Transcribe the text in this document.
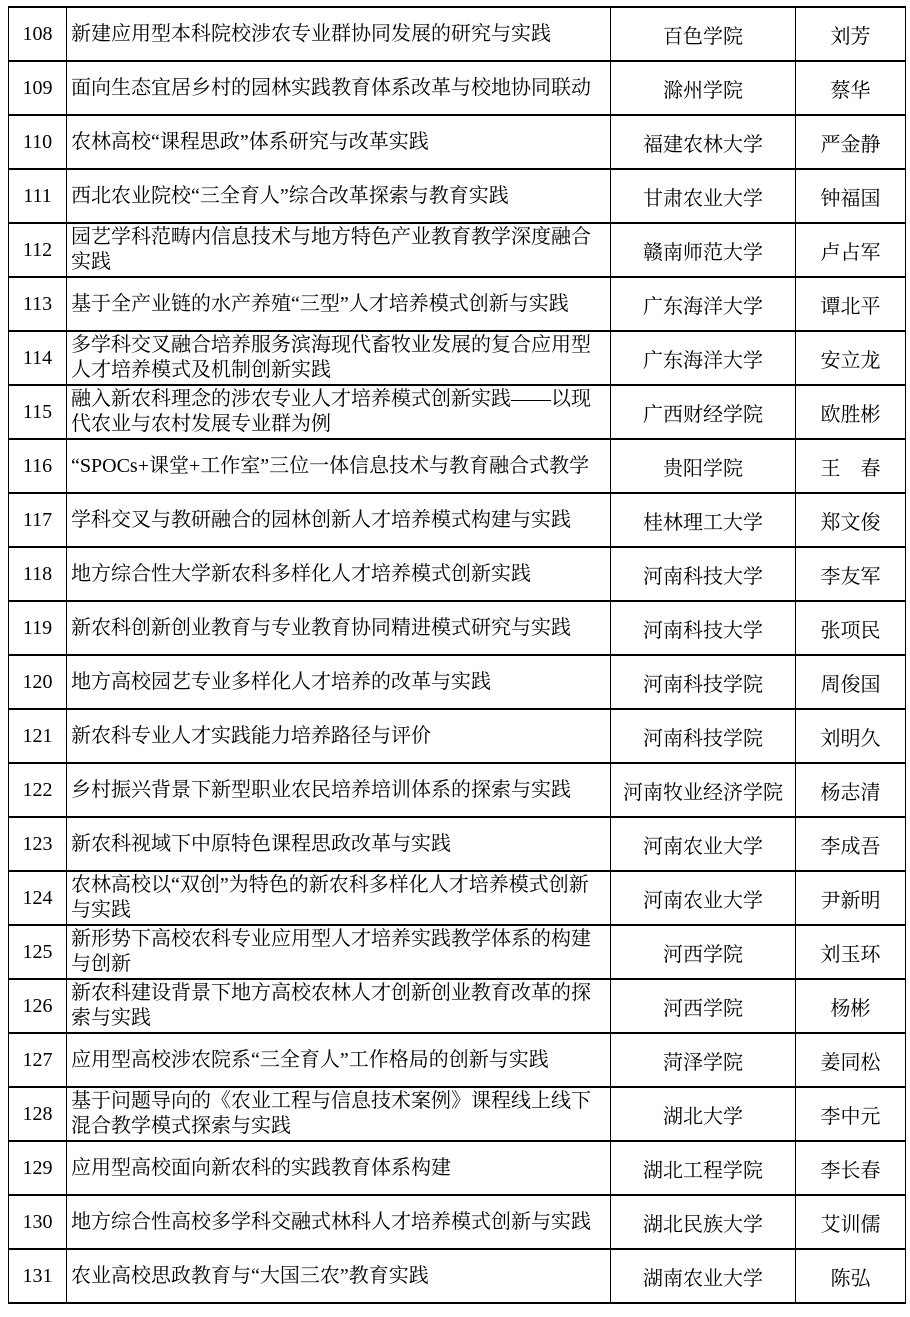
108	新建应用型本科院校涉农专业群协同发展的研究与实践	百色学院	刘芳
109	面向生态宜居乡村的园林实践教育体系改革与校地协同联动	滁州学院	蔡华
110	农林高校“课程思政”体系研究与改革实践	福建农林大学	严金静
111	西北农业院校“三全育人”综合改革探索与教育实践	甘肃农业大学	钟福国
112	园艺学科范畴内信息技术与地方特色产业教育教学深度融合实践	赣南师范大学	卢占军
113	基于全产业链的水产养殖“三型”人才培养模式创新与实践	广东海洋大学	谭北平
114	多学科交叉融合培养服务滨海现代畜牧业发展的复合应用型人才培养模式及机制创新实践	广东海洋大学	安立龙
115	融入新农科理念的涉农专业人才培养模式创新实践——以现代农业与农村发展专业群为例	广西财经学院	欧胜彬
116	“SPOCs+课堂+工作室”三位一体信息技术与教育融合式教学	贵阳学院	王　春
117	学科交叉与教研融合的园林创新人才培养模式构建与实践	桂林理工大学	郑文俊
118	地方综合性大学新农科多样化人才培养模式创新实践	河南科技大学	李友军
119	新农科创新创业教育与专业教育协同精进模式研究与实践	河南科技大学	张项民
120	地方高校园艺专业多样化人才培养的改革与实践	河南科技学院	周俊国
121	新农科专业人才实践能力培养路径与评价	河南科技学院	刘明久
122	乡村振兴背景下新型职业农民培养培训体系的探索与实践	河南牧业经济学院	杨志清
123	新农科视域下中原特色课程思政改革与实践	河南农业大学	李成吾
124	农林高校以“双创”为特色的新农科多样化人才培养模式创新与实践	河南农业大学	尹新明
125	新形势下高校农科专业应用型人才培养实践教学体系的构建与创新	河西学院	刘玉环
126	新农科建设背景下地方高校农林人才创新创业教育改革的探索与实践	河西学院	杨彬
127	应用型高校涉农院系“三全育人”工作格局的创新与实践	菏泽学院	姜同松
128	基于问题导向的《农业工程与信息技术案例》课程线上线下混合教学模式探索与实践	湖北大学	李中元
129	应用型高校面向新农科的实践教育体系构建	湖北工程学院	李长春
130	地方综合性高校多学科交融式林科人才培养模式创新与实践	湖北民族大学	艾训儒
131	农业高校思政教育与“大国三农”教育实践	湖南农业大学	陈弘
